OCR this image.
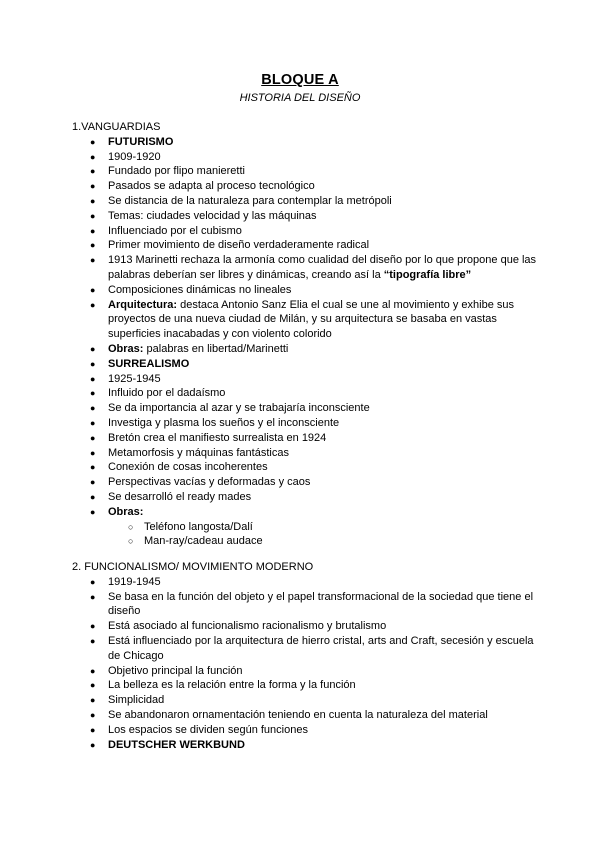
BLOQUE A
HISTORIA DEL DISEÑO
1.VANGUARDIAS
● FUTURISMO
● 1909-1920
● Fundado por flipo manieretti
● Pasados se adapta al proceso tecnológico
● Se distancia de la naturaleza para contemplar la metrópoli
● Temas: ciudades velocidad y las máquinas
● Influenciado por el cubismo
● Primer movimiento de diseño verdaderamente radical
● 1913 Marinetti rechaza la armonía como cualidad del diseño por lo que propone que las palabras deberían ser libres y dinámicas, creando así la “tipografía libre”
● Composiciones dinámicas no lineales
● Arquitectura: destaca Antonio Sanz Elia el cual se une al movimiento y exhibe sus proyectos de una nueva ciudad de Milán, y su arquitectura se basaba en vastas superficies inacabadas y con violento colorido
● Obras: palabras en libertad/Marinetti
● SURREALISMO
● 1925-1945
● Influido por el dadaísmo
● Se da importancia al azar y se trabajaría inconsciente
● Investiga y plasma los sueños y el inconsciente
● Bretón crea el manifiesto surrealista en 1924
● Metamorfosis y máquinas fantásticas
● Conexión de cosas incoherentes
● Perspectivas vacías y deformadas y caos
● Se desarrolló el ready mades
● Obras:
○ Teléfono langosta/Dalí
○ Man-ray/cadeau audace
2. FUNCIONALISMO/ MOVIMIENTO MODERNO
● 1919-1945
● Se basa en la función del objeto y el papel transformacional de la sociedad que tiene el diseño
● Está asociado al funcionalismo racionalismo y brutalismo
● Está influenciado por la arquitectura de hierro cristal, arts and Craft, secesión y escuela de Chicago
● Objetivo principal la función
● La belleza es la relación entre la forma y la función
● Simplicidad
● Se abandonaron ornamentación teniendo en cuenta la naturaleza del material
● Los espacios se dividen según funciones
● DEUTSCHER WERKBUND
